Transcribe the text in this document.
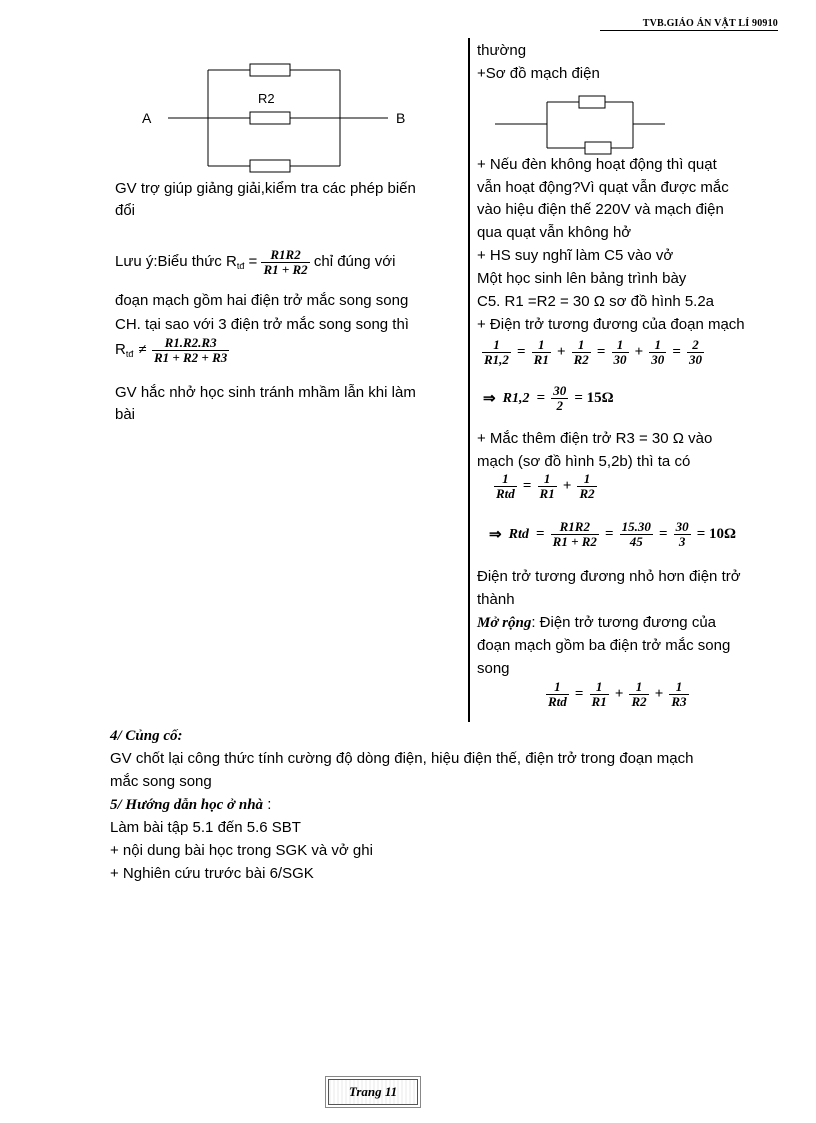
TVB.GIÁO ÁN VẬT LÍ 90910
A	B
R2
GV trợ giúp giảng giải,kiểm tra các phép biến
đổi
Lưu ý:Biểu thức $R_{tđ} = \frac{R1R2}{R1 + R2}$ chỉ đúng với
đoạn mạch gồm hai điện trở mắc song song
CH. tại sao với 3 điện trở mắc song song thì
$R_{tđ} \ne \frac{R1.R2.R3}{R1 + R2 + R3}$
GV hắc nhở học sinh tránh mhầm lẫn khi làm
bài
thường
+Sơ đồ mạch điện
+ Nếu đèn không hoạt động thì quạt
vẫn hoạt động?Vì quạt vẫn được mắc
vào hiệu điện thế 220V và mạch điện
qua quạt vẫn không hở
+ HS suy nghĩ làm C5 vào vở
Một học sinh lên bảng trình bày
C5. R1 =R2 = 30 Ω sơ đồ hình 5.2a
+ Điện trở tương đương của đoạn mạch
$\frac{1}{R1,2} = \frac{1}{R1} + \frac{1}{R2} = \frac{1}{30} + \frac{1}{30} = \frac{2}{30}$
⇒ $R1,2 = \frac{30}{2} = 15\Omega$
+ Mắc thêm điện trở R3 = 30 Ω vào
mạch (sơ đồ hình 5,2b) thì ta có
$\frac{1}{\text{Rtd}} = \frac{1}{R1} + \frac{1}{R2}$
⇒ Rtd = $\frac{R1R2}{R1 + R2} = \frac{15.30}{45} = \frac{30}{3} = 10\Omega$
Điện trở tương đương nhỏ hơn điện trở
thành
Mở rộng: Điện trở tương đương của
đoạn mạch gồm ba điện trở mắc song
song
$\frac{1}{\text{Rtd}} = \frac{1}{R1} + \frac{1}{R2} + \frac{1}{R3}$
4/ Củng cố:
GV chốt lại công thức tính cường độ dòng điện, hiệu điện thế, điện trở trong đoạn mạch
mắc song song
5/ Hướng dẫn học ở nhà :
Làm bài tập 5.1 đến 5.6 SBT
+ nội dung bài học trong SGK và vở ghi
+ Nghiên cứu trước bài 6/SGK
Trang 11
